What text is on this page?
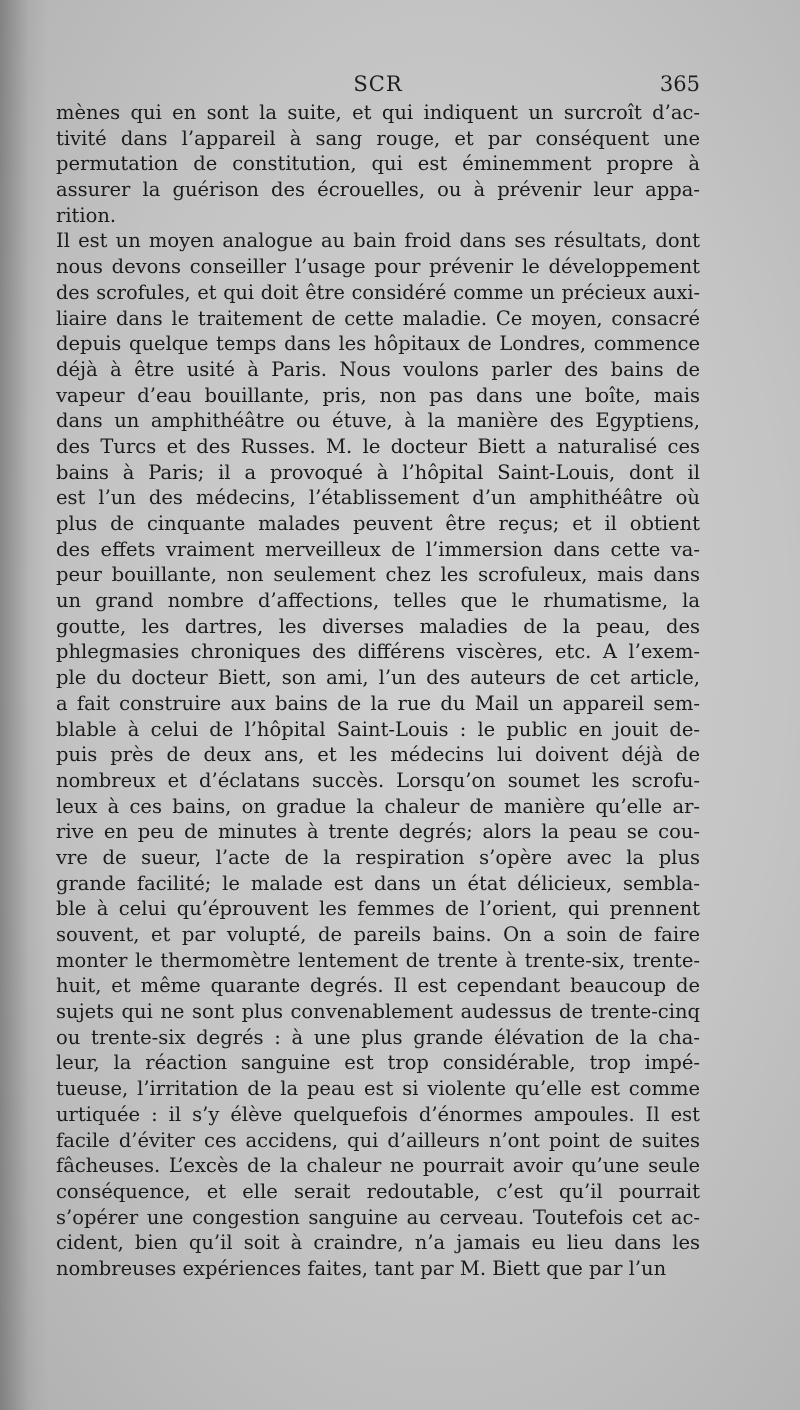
SCR	365
mènes qui en sont la suite, et qui indiquent un surcroît d’ac-
tivité dans l’appareil à sang rouge, et par conséquent une
permutation de constitution, qui est éminemment propre à
assurer la guérison des écrouelles, ou à prévenir leur appa-
rition.
Il est un moyen analogue au bain froid dans ses résultats, dont
nous devons conseiller l’usage pour prévenir le développement
des scrofules, et qui doit être considéré comme un précieux auxi-
liaire dans le traitement de cette maladie. Ce moyen, consacré
depuis quelque temps dans les hôpitaux de Londres, commence
déjà à être usité à Paris. Nous voulons parler des bains de
vapeur d’eau bouillante, pris, non pas dans une boîte, mais
dans un amphithéâtre ou étuve, à la manière des Egyptiens,
des Turcs et des Russes. M. le docteur Biett a naturalisé ces
bains à Paris; il a provoqué à l’hôpital Saint-Louis, dont il
est l’un des médecins, l’établissement d’un amphithéâtre où
plus de cinquante malades peuvent être reçus; et il obtient
des effets vraiment merveilleux de l’immersion dans cette va-
peur bouillante, non seulement chez les scrofuleux, mais dans
un grand nombre d’affections, telles que le rhumatisme, la
goutte, les dartres, les diverses maladies de la peau, des
phlegmasies chroniques des différens viscères, etc. A l’exem-
ple du docteur Biett, son ami, l’un des auteurs de cet article,
a fait construire aux bains de la rue du Mail un appareil sem-
blable à celui de l’hôpital Saint-Louis : le public en jouit de-
puis près de deux ans, et les médecins lui doivent déjà de
nombreux et d’éclatans succès. Lorsqu’on soumet les scrofu-
leux à ces bains, on gradue la chaleur de manière qu’elle ar-
rive en peu de minutes à trente degrés; alors la peau se cou-
vre de sueur, l’acte de la respiration s’opère avec la plus
grande facilité; le malade est dans un état délicieux, sembla-
ble à celui qu’éprouvent les femmes de l’orient, qui prennent
souvent, et par volupté, de pareils bains. On a soin de faire
monter le thermomètre lentement de trente à trente-six, trente-
huit, et même quarante degrés. Il est cependant beaucoup de
sujets qui ne sont plus convenablement audessus de trente-cinq
ou trente-six degrés : à une plus grande élévation de la cha-
leur, la réaction sanguine est trop considérable, trop impé-
tueuse, l’irritation de la peau est si violente qu’elle est comme
urtiquée : il s’y élève quelquefois d’énormes ampoules. Il est
facile d’éviter ces accidens, qui d’ailleurs n’ont point de suites
fâcheuses. L’excès de la chaleur ne pourrait avoir qu’une seule
conséquence, et elle serait redoutable, c’est qu’il pourrait
s’opérer une congestion sanguine au cerveau. Toutefois cet ac-
cident, bien qu’il soit à craindre, n’a jamais eu lieu dans les
nombreuses expériences faites, tant par M. Biett que par l’un
